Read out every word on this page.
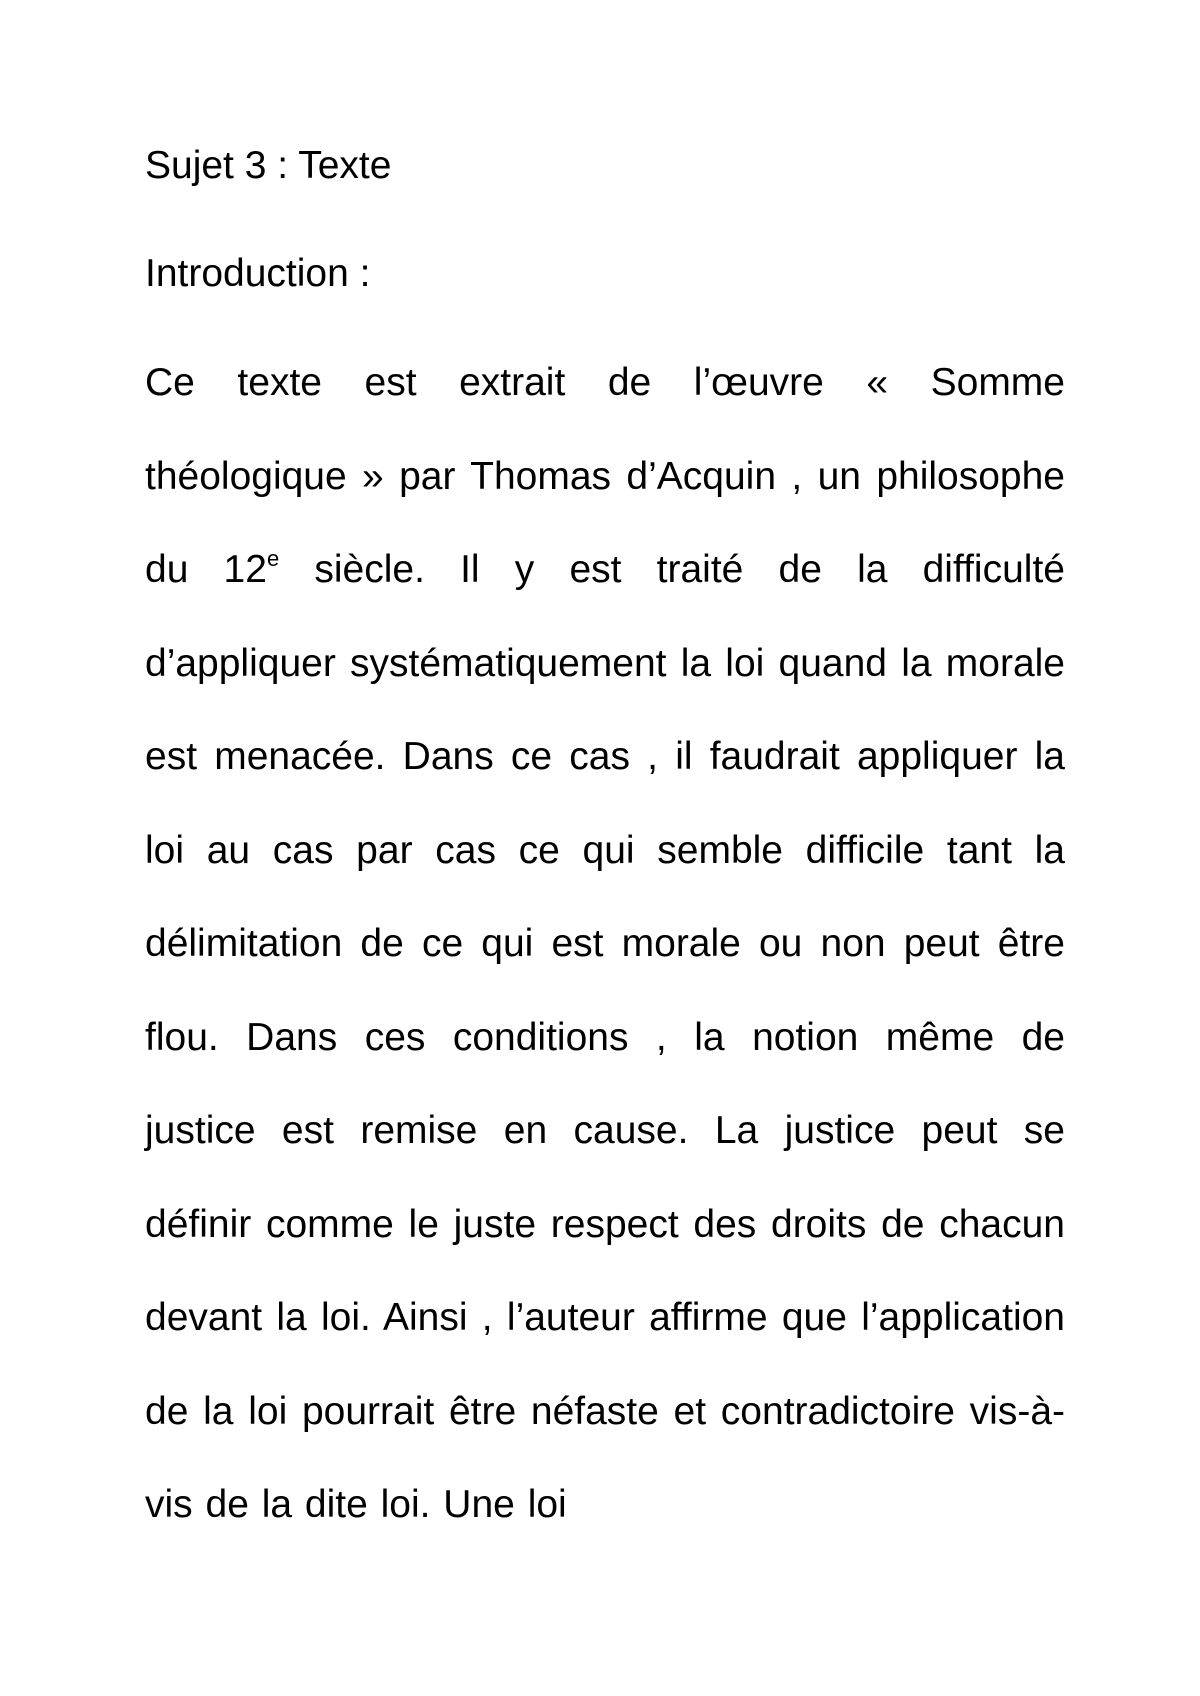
Sujet 3 : Texte
Introduction :

Ce texte est extrait de l’œuvre « Somme théologique » par Thomas d’Acquin , un philosophe du 12e siècle. Il y est traité de la difficulté d’appliquer systématiquement la loi quand la morale est menacée. Dans ce cas , il faudrait appliquer la loi au cas par cas ce qui semble difficile tant la délimitation de ce qui est morale ou non peut être flou. Dans ces conditions , la notion même de justice est remise en cause. La justice peut se définir comme le juste respect des droits de chacun devant la loi. Ainsi , l’auteur affirme que l’application de la loi pourrait être néfaste et contradictoire vis-à-vis de la dite loi. Une loi
